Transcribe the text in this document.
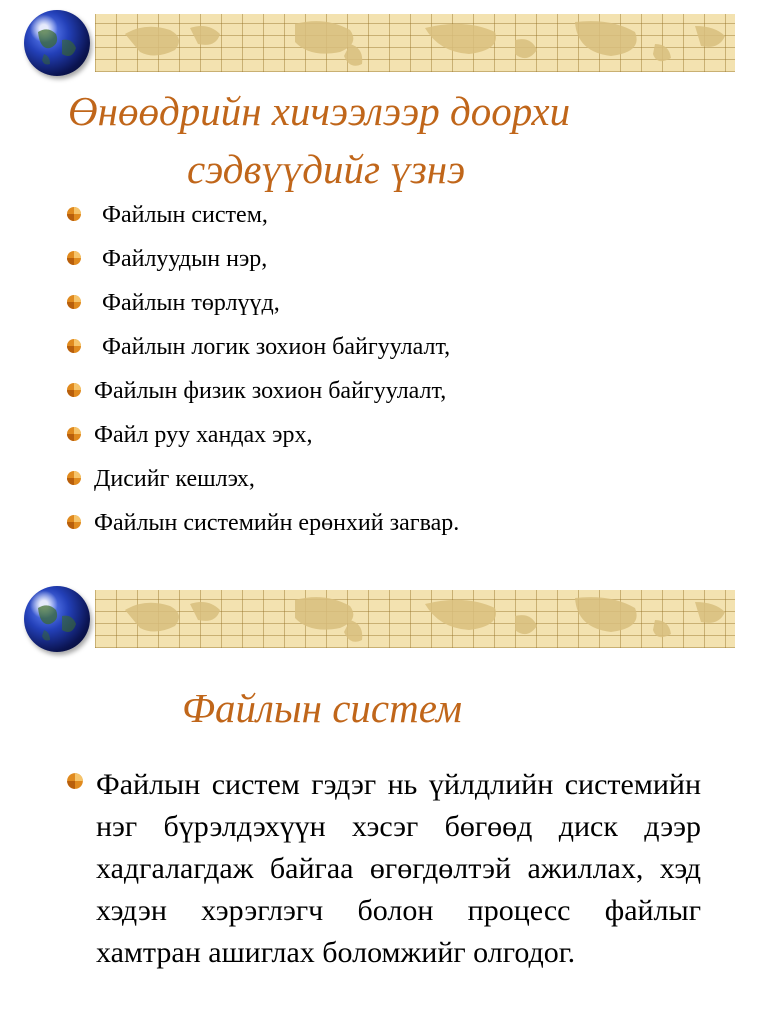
Өнөөдрийн хичээлээр доорхи
сэдвүүдийг үзнэ
Файлын систем,
Файлуудын нэр,
Файлын төрлүүд,
Файлын логик зохион байгуулалт,
Файлын физик зохион байгуулалт,
Файл руу хандах эрх,
Дисийг кешлэх,
Файлын системийн ерөнхий загвар.
Файлын систем
Файлын систем гэдэг нь үйлдлийн системийн нэг бүрэлдэхүүн хэсэг бөгөөд диск дээр хадгалагдаж байгаа өгөгдөлтэй ажиллах, хэд хэдэн хэрэглэгч болон процесс файлыг хамтран ашиглах боломжийг олгодог.
